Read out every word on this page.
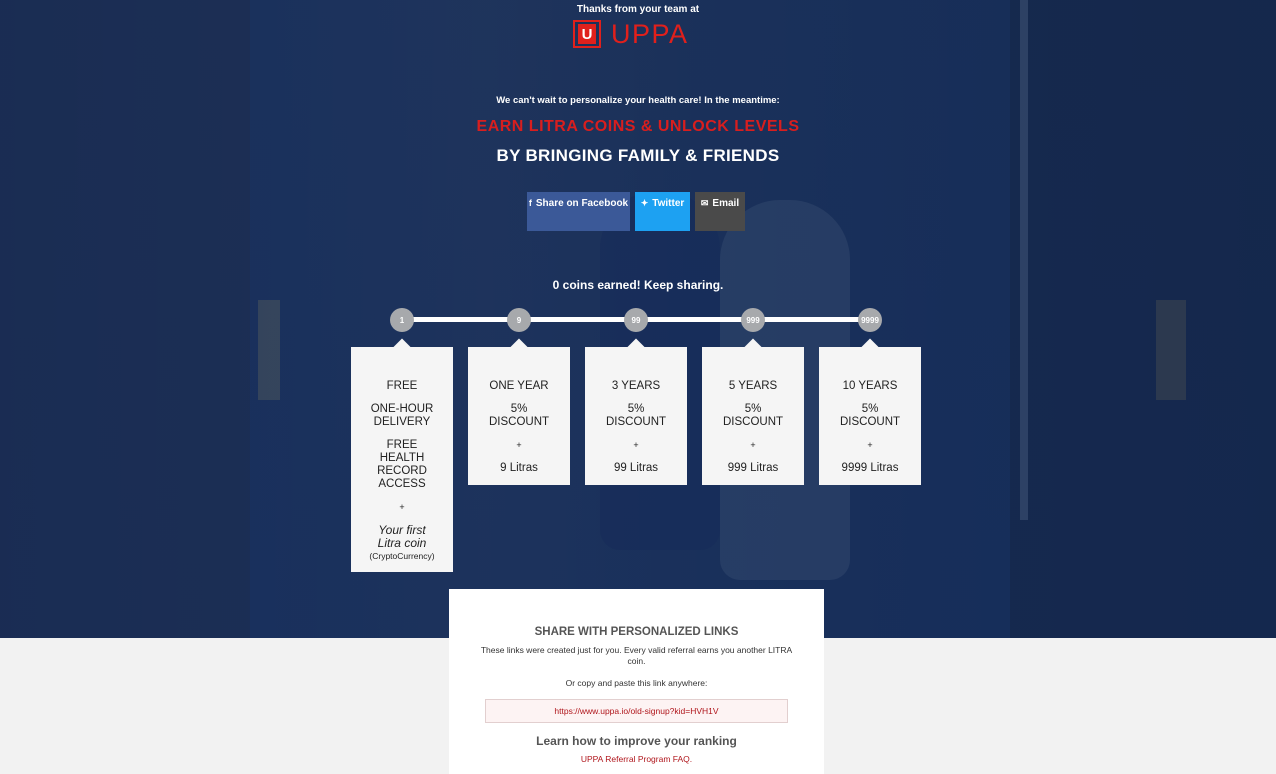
Thanks from your team at
U UPPA
We can't wait to personalize your health care! In the meantime:
EARN LITRA COINS & UNLOCK LEVELS
BY BRINGING FAMILY & FRIENDS
f Share on Facebook ✦ Twitter ✉ Email
0 coins earned! Keep sharing.
1	9	99	999	9999
FREE
ONE-HOUR
DELIVERY
FREE
HEALTH
RECORD
ACCESS
+
Your first
Litra coin
(CryptoCurrency)
ONE YEAR
5%
DISCOUNT
+
9 Litras
3 YEARS
5%
DISCOUNT
+
99 Litras
5 YEARS
5%
DISCOUNT
+
999 Litras
10 YEARS
5%
DISCOUNT
+
9999 Litras
SHARE WITH PERSONALIZED LINKS
These links were created just for you. Every valid referral earns you another LITRA coin.
Or copy and paste this link anywhere:
https://www.uppa.io/old-signup?kid=HVH1V
Learn how to improve your ranking
UPPA Referral Program FAQ.
